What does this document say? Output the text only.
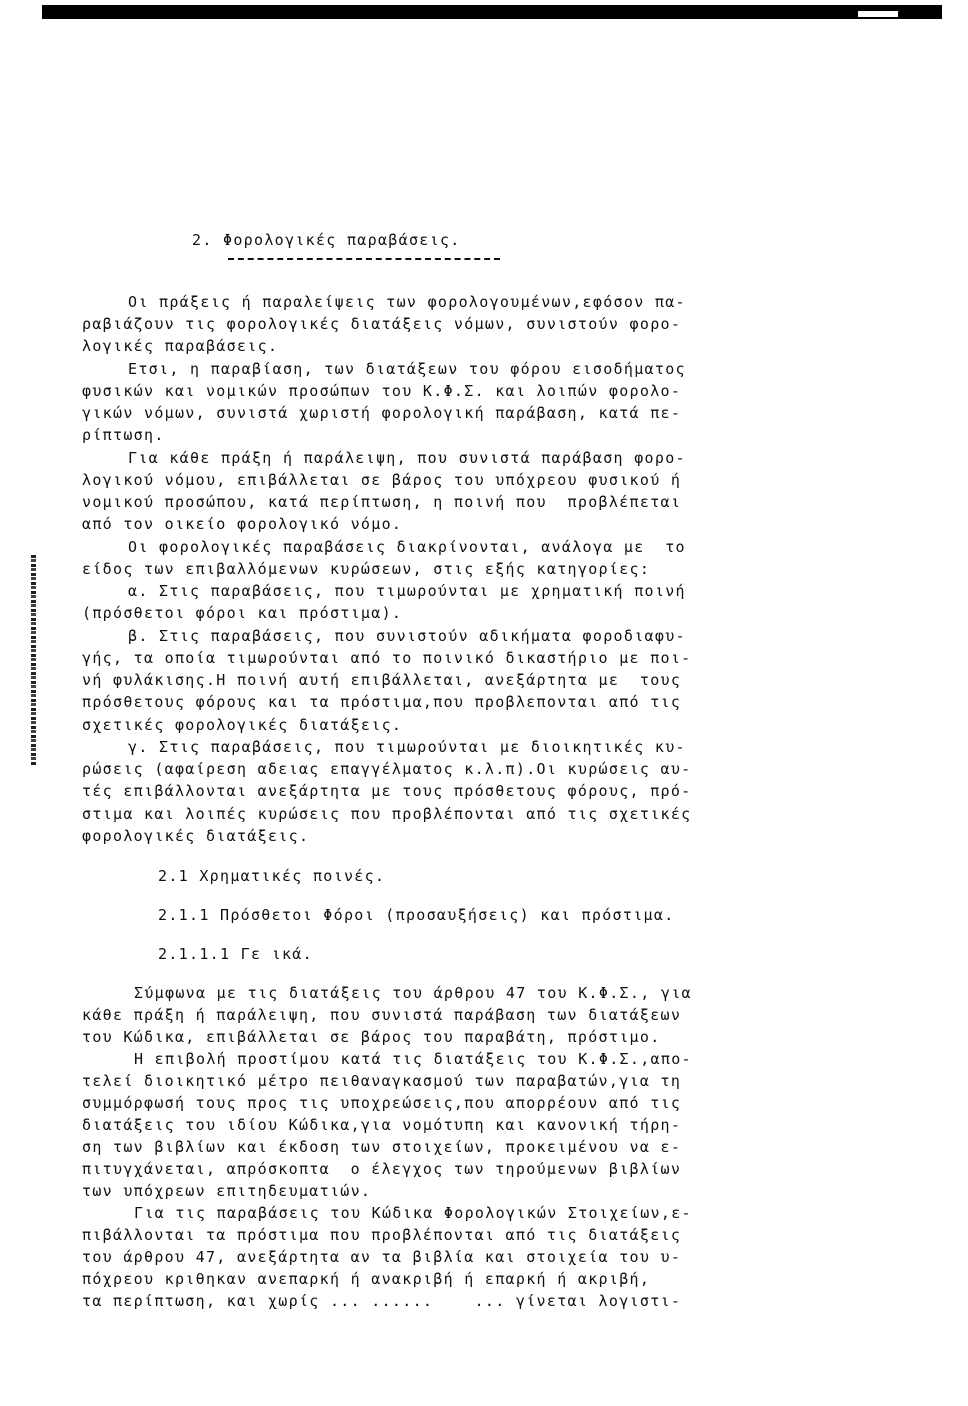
2. Φορολογικές παραβάσεις.
Οι πράξεις ή παραλείψεις των φορολογουμένων,εφόσον πα-
ραβιάζουν τις φορολογικές διατάξεις νόμων, συνιστούν φορο-
λογικές παραβάσεις.
Ετσι, η παραβίαση, των διατάξεων του φόρου εισοδήματος
φυσικών και νομικών προσώπων του Κ.Φ.Σ. και λοιπών φορολο-
γικών νόμων, συνιστά χωριστή φορολογική παράβαση, κατά πε-
ρίπτωση.
Για κάθε πράξη ή παράλειψη, που συνιστά παράβαση φορο-
λογικού νόμου, επιβάλλεται σε βάρος του υπόχρεου φυσικού ή
νομικού προσώπου, κατά περίπτωση, η ποινή που  προβλέπεται
από τον οικείο φορολογικό νόμο.
Οι φορολογικές παραβάσεις διακρίνονται, ανάλογα με  το
είδος των επιβαλλόμενων κυρώσεων, στις εξής κατηγορίες:
α. Στις παραβάσεις, που τιμωρούνται με χρηματική ποινή
(πρόσθετοι φόροι και πρόστιμα).
β. Στις παραβάσεις, που συνιστούν αδικήματα φοροδιαφυ-
γής, τα οποία τιμωρούνται από το ποινικό δικαστήριο με ποι-
νή φυλάκισης.Η ποινή αυτή επιβάλλεται, ανεξάρτητα με  τους
πρόσθετους φόρους και τα πρόστιμα,που προβλεπονται από τις
σχετικές φορολογικές διατάξεις.
γ. Στις παραβάσεις, που τιμωρούνται με διοικητικές κυ-
ρώσεις (αφαίρεση αδειας επαγγέλματος κ.λ.π).Οι κυρώσεις αυ-
τές επιβάλλονται ανεξάρτητα με τους πρόσθετους φόρους, πρό-
στιμα και λοιπές κυρώσεις που προβλέπονται από τις σχετικές
φορολογικές διατάξεις.
2.1 Χρηματικές ποινές.
2.1.1 Πρόσθετοι Φόροι (προσαυξήσεις) και πρόστιμα.
2.1.1.1 Γε ικά.
Σύμφωνα με τις διατάξεις του άρθρου 47 του Κ.Φ.Σ., για
κάθε πράξη ή παράλειψη, που συνιστά παράβαση των διατάξεων
του Κώδικα, επιβάλλεται σε βάρος του παραβάτη, πρόστιμο.
Η επιβολή προστίμου κατά τις διατάξεις του Κ.Φ.Σ.,απο-
τελεί διοικητικό μέτρο πειθαναγκασμού των παραβατών,για τη
συμμόρφωσή τους προς τις υποχρεώσεις,που απορρέουν από τις
διατάξεις του ιδίου Κώδικα,για νομότυπη και κανονική τήρη-
ση των βιβλίων και έκδοση των στοιχείων, προκειμένου να ε-
πιτυγχάνεται, απρόσκοπτα  ο έλεγχος των τηρούμενων βιβλίων
των υπόχρεων επιτηδευματιών.
Για τις παραβάσεις του Κώδικα Φορολογικών Στοιχείων,ε-
πιβάλλονται τα πρόστιμα που προβλέπονται από τις διατάξεις
του άρθρου 47, ανεξάρτητα αν τα βιβλία και στοιχεία του υ-
πόχρεου κριθηκαν ανεπαρκή ή ανακριβή ή επαρκή ή ακριβή,
τα περίπτωση, και χωρίς ... ......    ... γίνεται λογιστι-
